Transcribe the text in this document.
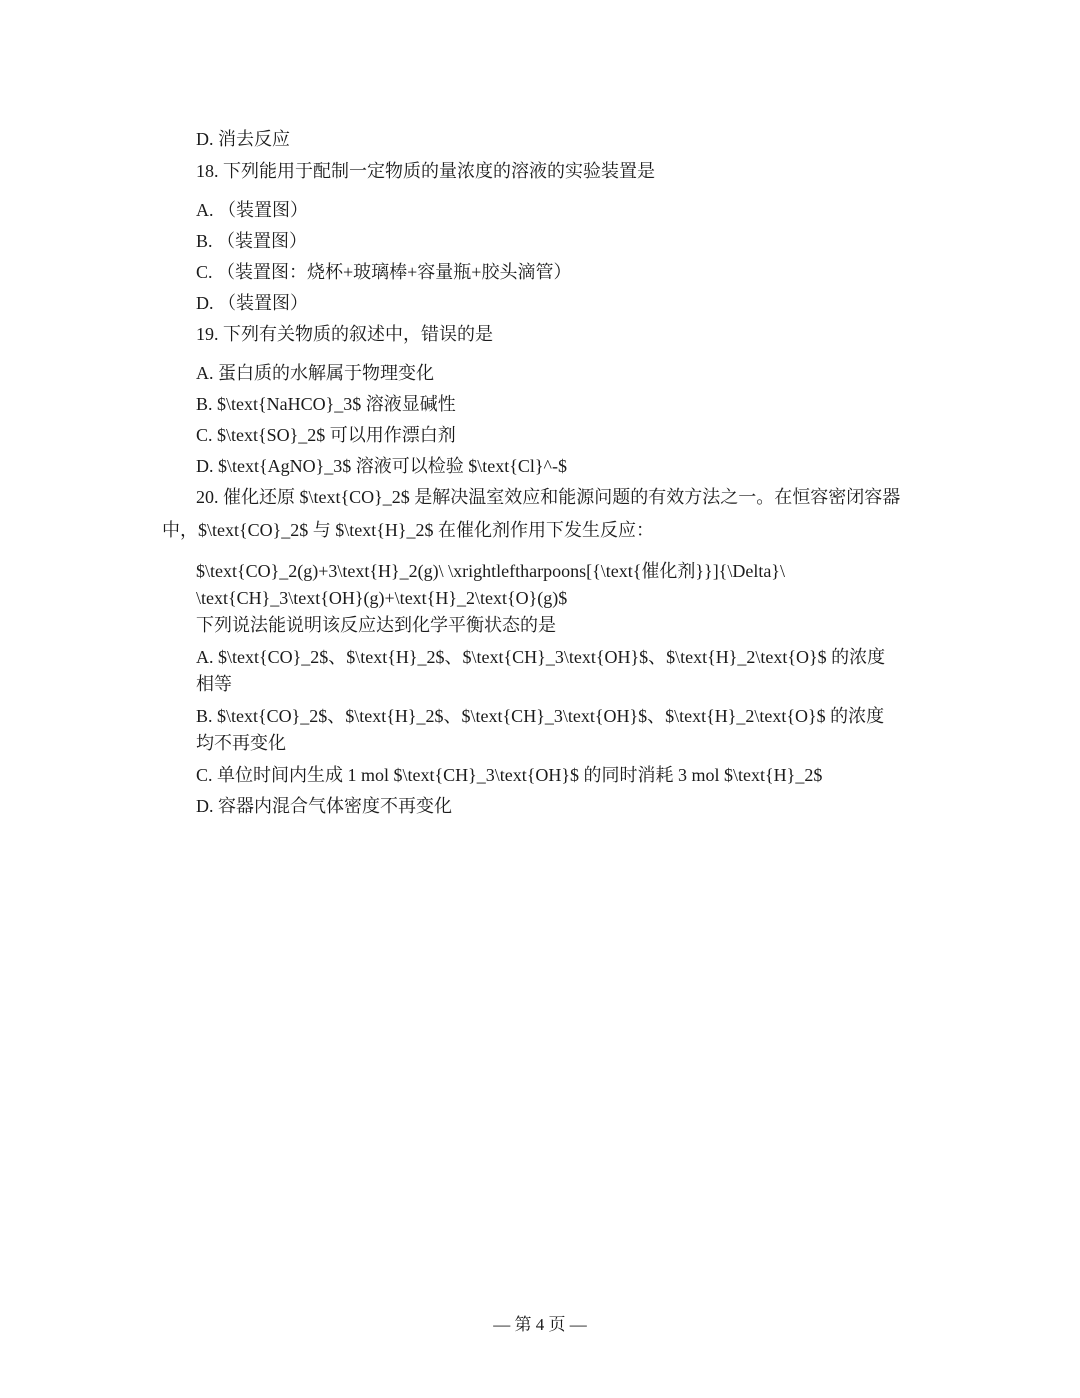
D. 消去反应
18. 下列能用于配制一定物质的量浓度的溶液的实验装置是
A. （装置图）
B. （装置图）
C. （装置图：烧杯+玻璃棒+容量瓶+胶头滴管）
D. （装置图）
19. 下列有关物质的叙述中，错误的是
A. 蛋白质的水解属于物理变化
B. $\text{NaHCO}_3$ 溶液显碱性
C. $\text{SO}_2$ 可以用作漂白剂
D. $\text{AgNO}_3$ 溶液可以检验 $\text{Cl}^-$
20. 催化还原 $\text{CO}_2$ 是解决温室效应和能源问题的有效方法之一。在恒容密闭容器
中，$\text{CO}_2$ 与 $\text{H}_2$ 在催化剂作用下发生反应：
$\text{CO}_2(g)+3\text{H}_2(g)\ \xrightleftharpoons[{\text{催化剂}}]{\Delta}\
\text{CH}_3\text{OH}(g)+\text{H}_2\text{O}(g)$
下列说法能说明该反应达到化学平衡状态的是
A. $\text{CO}_2$、$\text{H}_2$、$\text{CH}_3\text{OH}$、$\text{H}_2\text{O}$ 的浓度
相等
B. $\text{CO}_2$、$\text{H}_2$、$\text{CH}_3\text{OH}$、$\text{H}_2\text{O}$ 的浓度
均不再变化
C. 单位时间内生成 1 mol $\text{CH}_3\text{OH}$ 的同时消耗 3 mol $\text{H}_2$
D. 容器内混合气体密度不再变化
— 第 4 页 —
